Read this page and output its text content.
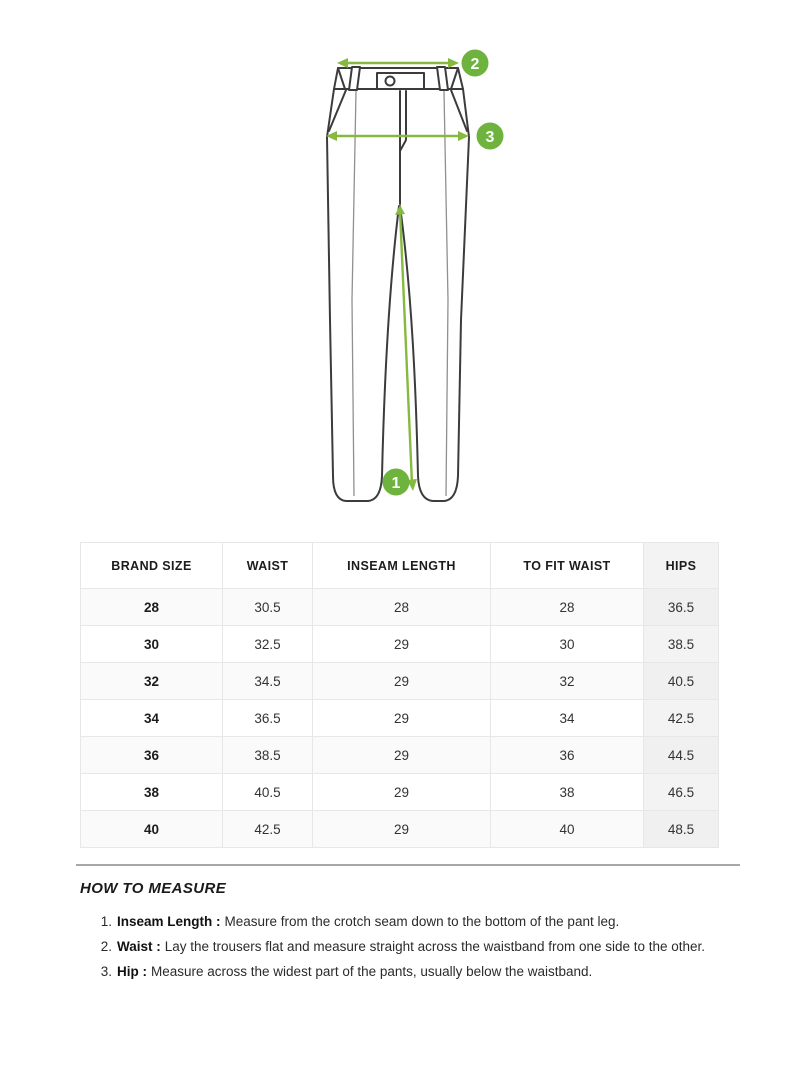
2
3
1
BRAND SIZE	WAIST	INSEAM LENGTH	TO FIT WAIST	HIPS
28	30.5	28	28	36.5
30	32.5	29	30	38.5
32	34.5	29	32	40.5
34	36.5	29	34	42.5
36	38.5	29	36	44.5
38	40.5	29	38	46.5
40	42.5	29	40	48.5
HOW TO MEASURE
1. Inseam Length : Measure from the crotch seam down to the bottom of the pant leg.
2. Waist : Lay the trousers flat and measure straight across the waistband from one side to the other.
3. Hip : Measure across the widest part of the pants, usually below the waistband.
